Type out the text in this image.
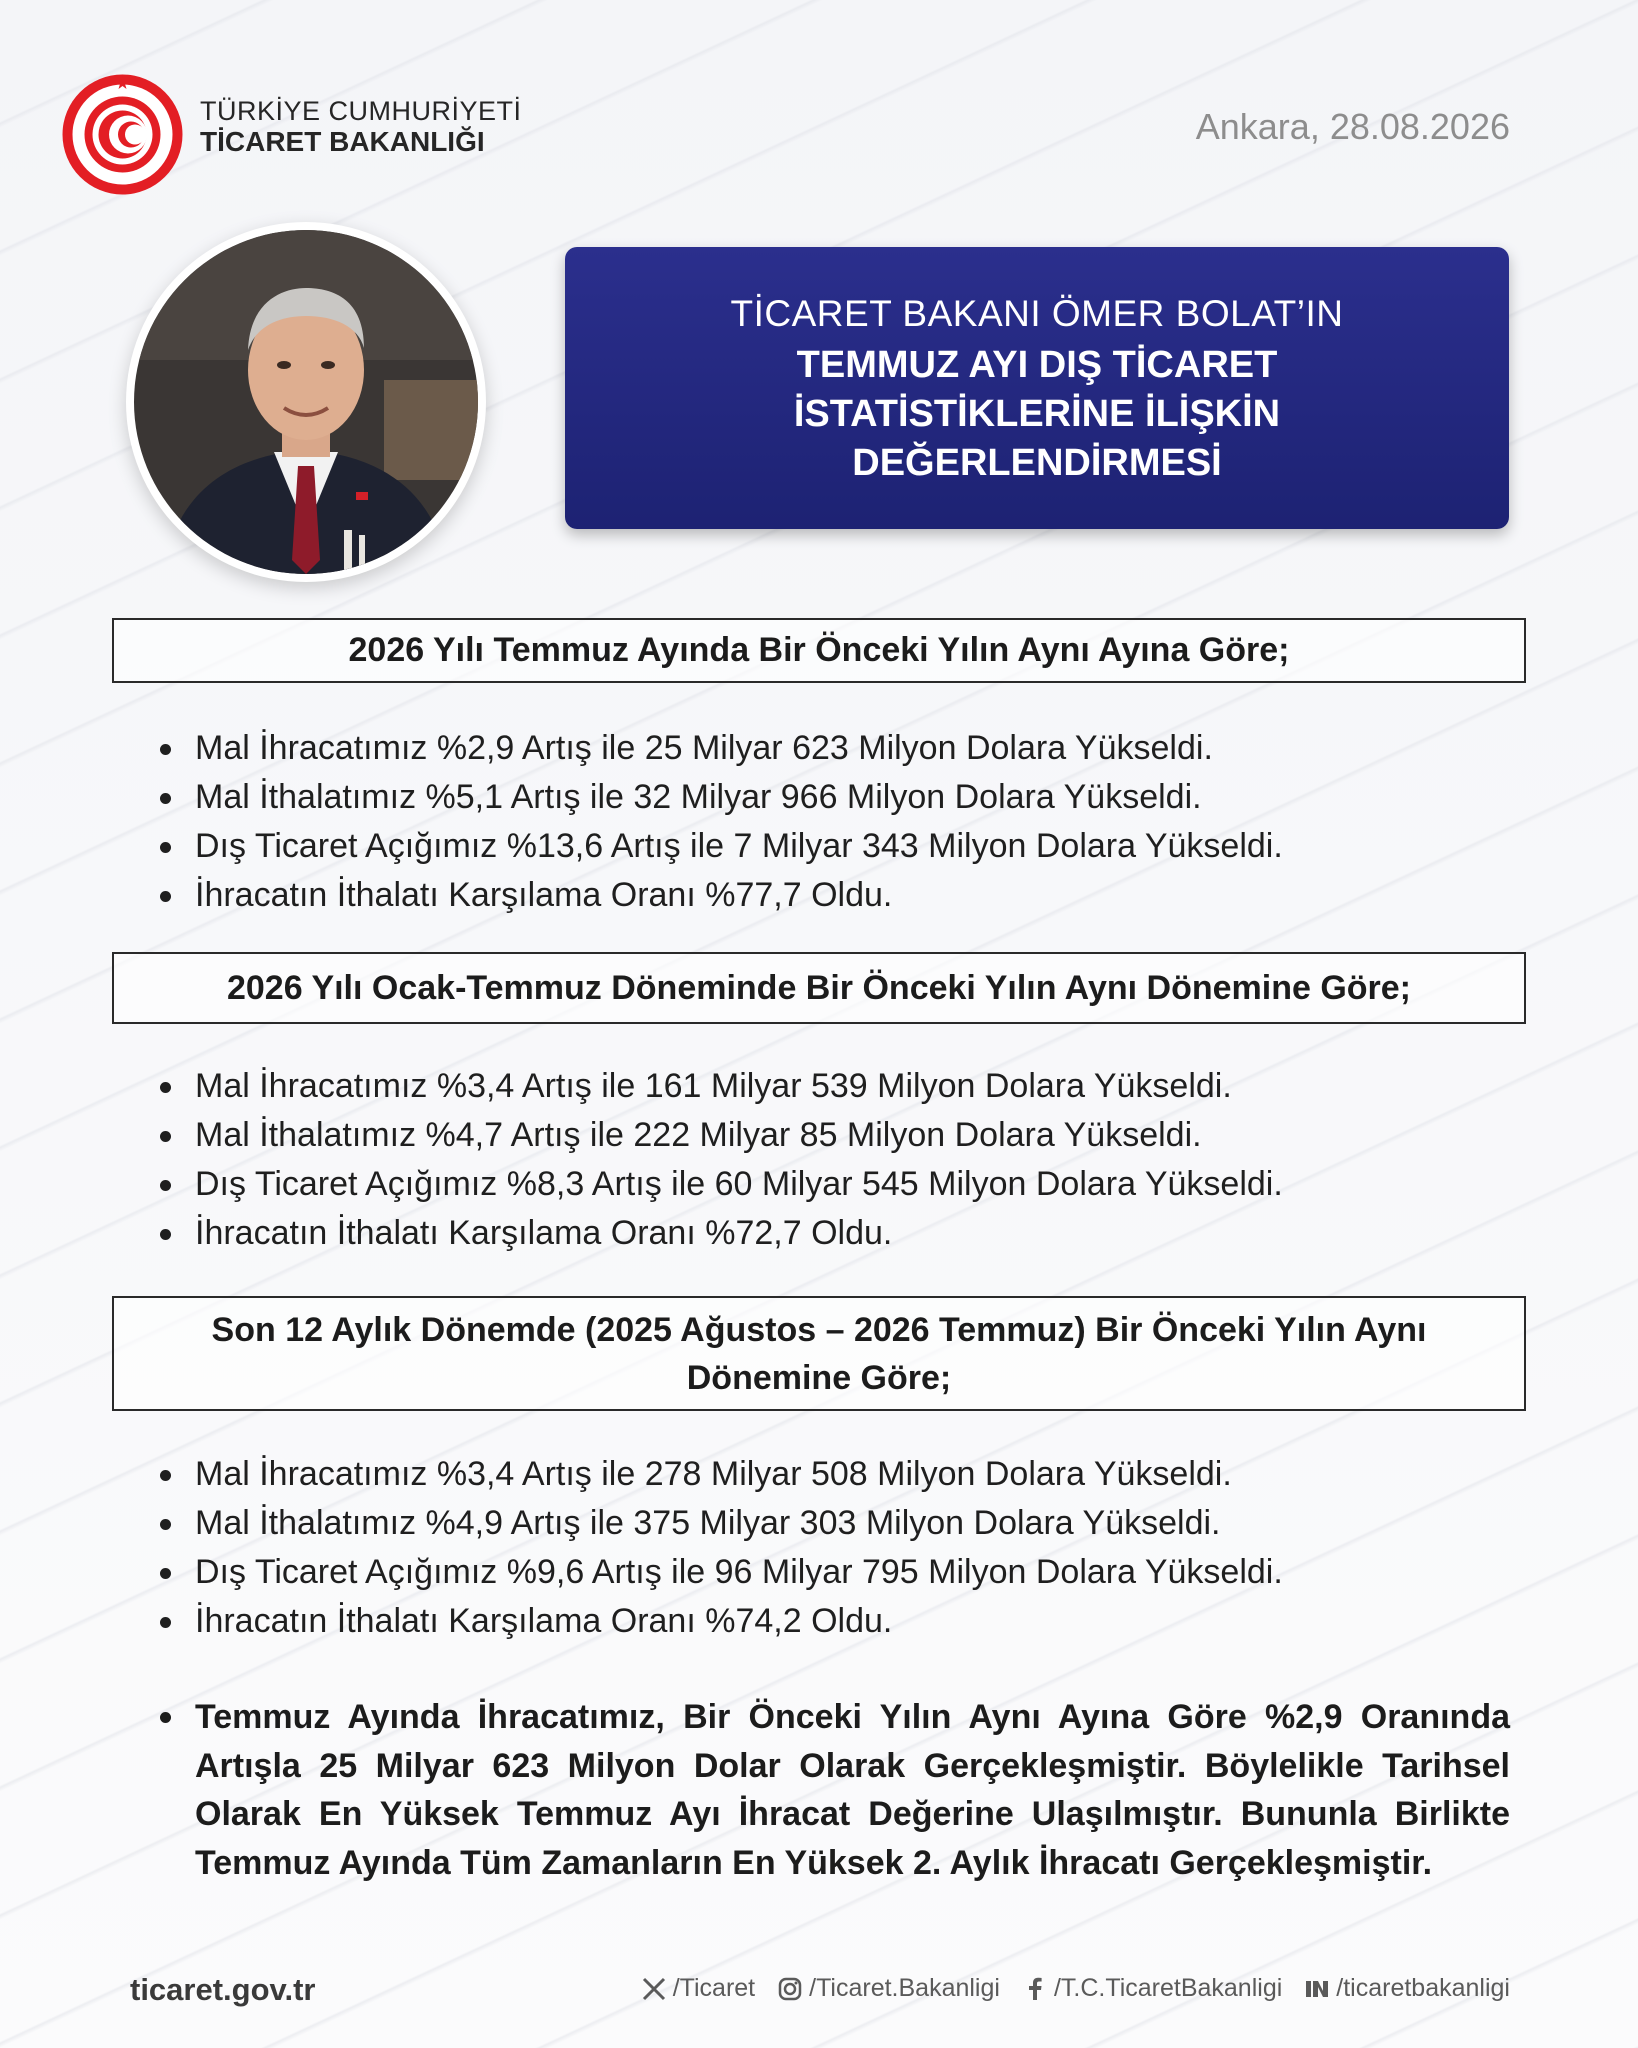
TÜRKİYE CUMHURİYETİ
TİCARET BAKANLIĞI	Ankara, 28.08.2026
TİCARET BAKANI ÖMER BOLAT’IN
TEMMUZ AYI DIŞ TİCARET
İSTATİSTİKLERİNE İLİŞKİN
DEĞERLENDİRMESİ
2026 Yılı Temmuz Ayında Bir Önceki Yılın Aynı Ayına Göre;
Mal İhracatımız %2,9 Artış ile 25 Milyar 623 Milyon Dolara Yükseldi.
Mal İthalatımız %5,1 Artış ile 32 Milyar 966 Milyon Dolara Yükseldi.
Dış Ticaret Açığımız %13,6 Artış ile 7 Milyar 343 Milyon Dolara Yükseldi.
İhracatın İthalatı Karşılama Oranı %77,7 Oldu.
2026 Yılı Ocak-Temmuz Döneminde Bir Önceki Yılın Aynı Dönemine Göre;
Mal İhracatımız %3,4 Artış ile 161 Milyar 539 Milyon Dolara Yükseldi.
Mal İthalatımız %4,7 Artış ile 222 Milyar 85 Milyon Dolara Yükseldi.
Dış Ticaret Açığımız %8,3 Artış ile 60 Milyar 545 Milyon Dolara Yükseldi.
İhracatın İthalatı Karşılama Oranı %72,7 Oldu.
Son 12 Aylık Dönemde (2025 Ağustos – 2026 Temmuz) Bir Önceki Yılın Aynı
Dönemine Göre;
Mal İhracatımız %3,4 Artış ile 278 Milyar 508 Milyon Dolara Yükseldi.
Mal İthalatımız %4,9 Artış ile 375 Milyar 303 Milyon Dolara Yükseldi.
Dış Ticaret Açığımız %9,6 Artış ile 96 Milyar 795 Milyon Dolara Yükseldi.
İhracatın İthalatı Karşılama Oranı %74,2 Oldu.
Temmuz Ayında İhracatımız, Bir Önceki Yılın Aynı Ayına Göre %2,9 Oranında Artışla 25 Milyar 623 Milyon Dolar Olarak Gerçekleşmiştir. Böylelikle Tarihsel Olarak En Yüksek Temmuz Ayı İhracat Değerine Ulaşılmıştır. Bununla Birlikte Temmuz Ayında Tüm Zamanların En Yüksek 2. Aylık İhracatı Gerçekleşmiştir.
ticaret.gov.tr	/Ticaret /Ticaret.Bakanligi /T.C.TicaretBakanligi /ticaretbakanligi
